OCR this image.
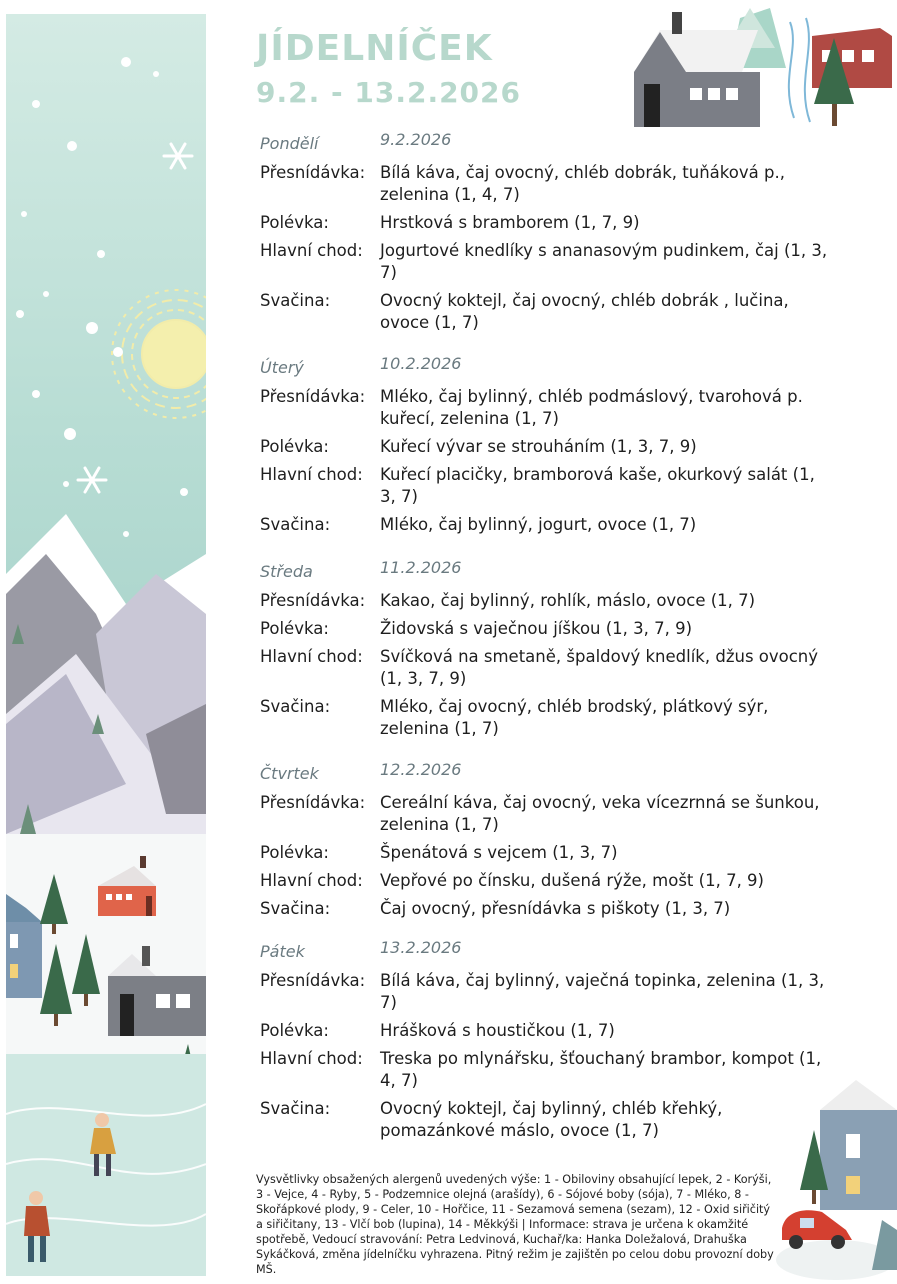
JÍDELNÍČEK
9.2. - 13.2.2026
Pondělí	9.2.2026
Přesnídávka: Bílá káva, čaj ovocný, chléb dobrák, tuňáková p., zelenina (1, 4, 7)
Polévka:	Hrstková s bramborem (1, 7, 9)
Hlavní chod:	Jogurtové knedlíky s ananasovým pudinkem, čaj (1, 3, 7)
Svačina:	Ovocný koktejl, čaj ovocný, chléb dobrák , lučina, ovoce (1, 7)
Úterý	10.2.2026
Přesnídávka: Mléko, čaj bylinný, chléb podmáslový, tvarohová p. kuřecí, zelenina (1, 7)
Polévka:	Kuřecí vývar se strouháním (1, 3, 7, 9)
Hlavní chod:	Kuřecí placičky, bramborová kaše, okurkový salát (1, 3, 7)
Svačina:	Mléko, čaj bylinný, jogurt, ovoce (1, 7)
Středa	11.2.2026
Přesnídávka: Kakao, čaj bylinný, rohlík, máslo, ovoce (1, 7)
Polévka:	Židovská s vaječnou jíškou (1, 3, 7, 9)
Hlavní chod:	Svíčková na smetaně, špaldový knedlík, džus ovocný (1, 3, 7, 9)
Svačina:	Mléko, čaj ovocný, chléb brodský, plátkový sýr, zelenina (1, 7)
Čtvrtek	12.2.2026
Přesnídávka: Cereální káva, čaj ovocný, veka vícezrnná se šunkou, zelenina (1, 7)
Polévka:	Špenátová s vejcem (1, 3, 7)
Hlavní chod:	Vepřové po čínsku, dušená rýže, mošt (1, 7, 9)
Svačina:	Čaj ovocný, přesnídávka s piškoty (1, 3, 7)
Pátek	13.2.2026
Přesnídávka: Bílá káva, čaj bylinný, vaječná topinka, zelenina (1, 3, 7)
Polévka:	Hrášková s houstičkou (1, 7)
Hlavní chod:	Treska po mlynářsku, šťouchaný brambor, kompot (1, 4, 7)
Svačina:	Ovocný koktejl, čaj bylinný, chléb křehký, pomazánkové máslo, ovoce (1, 7)
Vysvětlivky obsažených alergenů uvedených výše: 1 - Obiloviny obsahující lepek, 2 - Korýši, 3 - Vejce, 4 - Ryby, 5 - Podzemnice olejná (arašídy), 6 - Sójové boby (sója), 7 - Mléko, 8 - Skořápkové plody, 9 - Celer, 10 - Hořčice, 11 - Sezamová semena (sezam), 12 - Oxid siřičitý a siřičitany, 13 - Vlčí bob (lupina), 14 - Měkkýši | Informace: strava je určena k okamžité spotřebě, Vedoucí stravování: Petra Ledvinová, Kuchař/ka: Hanka Doležalová, Drahuška Sykáčková, změna jídelníčku vyhrazena. Pitný režim je zajištěn po celou dobu provozní doby MŠ.
